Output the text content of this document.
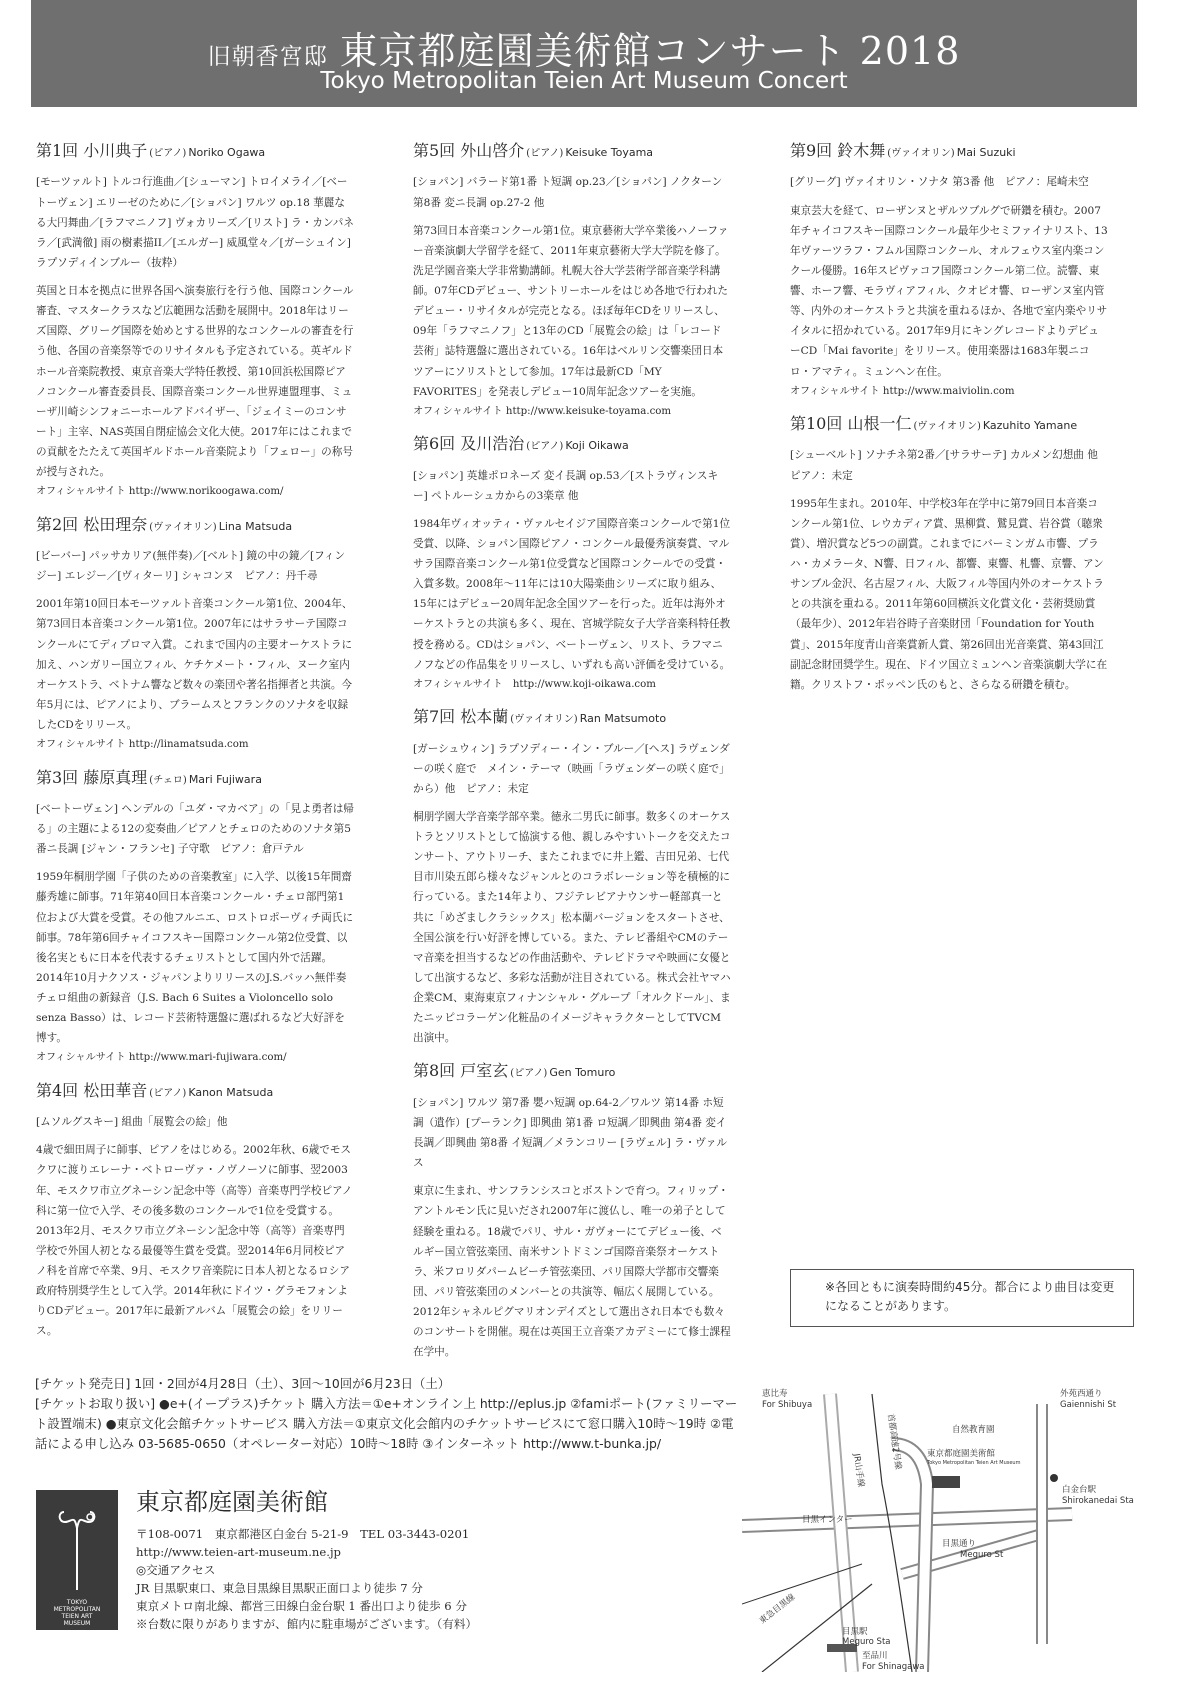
旧朝香宮邸 東京都庭園美術館コンサート 2018
Tokyo Metropolitan Teien Art Museum Concert
第1回 小川典子 (ピアノ) Noriko Ogawa
[モーツァルト] トルコ行進曲／[シューマン] トロイメライ／[ベートーヴェン] エリーゼのために／[ショパン] ワルツ op.18 華麗なる大円舞曲／[ラフマニノフ] ヴォカリーズ／[リスト] ラ・カンパネラ／[武満徹] 雨の樹素描II／[エルガー] 威風堂々／[ガーシュイン] ラプソディインブルー（抜粋）
英国と日本を拠点に世界各国へ演奏旅行を行う他、国際コンクール審査、マスタークラスなど広範囲な活動を展開中。2018年はリーズ国際、グリーグ国際を始めとする世界的なコンクールの審査を行う他、各国の音楽祭等でのリサイタルも予定されている。英ギルドホール音楽院教授、東京音楽大学特任教授、第10回浜松国際ピアノコンクール審査委員長、国際音楽コンクール世界連盟理事、ミューザ川崎シンフォニーホールアドバイザー、「ジェイミーのコンサート」主宰、NAS英国自閉症協会文化大使。2017年にはこれまでの貢献をたたえて英国ギルドホール音楽院より「フェロー」の称号が授与された。
オフィシャルサイト http://www.norikoogawa.com/
第2回 松田理奈 (ヴァイオリン) Lina Matsuda
[ビーバー] パッサカリア(無伴奏)／[ベルト] 鏡の中の鏡／[フィンジー] エレジー／[ヴィターリ] シャコンヌ　ピアノ：丹千尋
2001年第10回日本モーツァルト音楽コンクール第1位、2004年、第73回日本音楽コンクール第1位。2007年にはサラサーテ国際コンクールにてディプロマ入賞。これまで国内の主要オーケストラに加え、ハンガリー国立フィル、ケチケメート・フィル、ヌーク室内オーケストラ、ベトナム響など数々の楽団や著名指揮者と共演。今年5月には、ピアノにより、ブラームスとフランクのソナタを収録したCDをリリース。
オフィシャルサイト http://linamatsuda.com
第3回 藤原真理 (チェロ) Mari Fujiwara
[ベートーヴェン] ヘンデルの「ユダ・マカベア」の「見よ勇者は帰る」の主題による12の変奏曲／ピアノとチェロのためのソナタ第5番ニ長調 [ジャン・フランセ] 子守歌　ピアノ：倉戸テル
1959年桐朋学園「子供のための音楽教室」に入学、以後15年間齋藤秀雄に師事。71年第40回日本音楽コンクール・チェロ部門第1位および大賞を受賞。その他フルニエ、ロストロポーヴィチ両氏に師事。78年第6回チャイコフスキー国際コンクール第2位受賞、以後名実ともに日本を代表するチェリストとして国内外で活躍。2014年10月ナクソス・ジャパンよりリリースのJ.S.バッハ無伴奏チェロ組曲の新録音（J.S. Bach 6 Suites a Violoncello solo senza Basso）は、レコード芸術特選盤に選ばれるなど大好評を博す。
オフィシャルサイト http://www.mari-fujiwara.com/
第4回 松田華音 (ピアノ) Kanon Matsuda
[ムソルグスキー] 組曲「展覧会の絵」他
4歳で細田周子に師事、ピアノをはじめる。2002年秋、6歳でモスクワに渡りエレーナ・ベトローヴァ・ノヴノーソに師事、翌2003年、モスクワ市立グネーシン記念中等（高等）音楽専門学校ピアノ科に第一位で入学、その後多数のコンクールで1位を受賞する。2013年2月、モスクワ市立グネーシン記念中等（高等）音楽専門学校で外国人初となる最優等生賞を受賞。翌2014年6月同校ピアノ科を首席で卒業、9月、モスクワ音楽院に日本人初となるロシア政府特別奨学生として入学。2014年秋にドイツ・グラモフォンよりCDデビュー。2017年に最新アルバム「展覧会の絵」をリリース。
第5回 外山啓介 (ピアノ) Keisuke Toyama
[ショパン] バラード第1番 ト短調 op.23／[ショパン] ノクターン第8番 変ニ長調 op.27-2 他
第73回日本音楽コンクール第1位。東京藝術大学卒業後ハノーファー音楽演劇大学留学を経て、2011年東京藝術大学大学院を修了。洗足学園音楽大学非常勤講師。札幌大谷大学芸術学部音楽学科講師。07年CDデビュー、サントリーホールをはじめ各地で行われたデビュー・リサイタルが完売となる。ほぼ毎年CDをリリースし、09年「ラフマニノフ」と13年のCD「展覧会の絵」は「レコード芸術」誌特選盤に選出されている。16年はベルリン交響楽団日本ツアーにソリストとして参加。17年は最新CD「MY FAVORITES」を発表しデビュー10周年記念ツアーを実施。
オフィシャルサイト http://www.keisuke-toyama.com
第6回 及川浩治 (ピアノ) Koji Oikawa
[ショパン] 英雄ポロネーズ 変イ長調 op.53／[ストラヴィンスキー] ペトルーシュカからの3楽章 他
1984年ヴィオッティ・ヴァルセイジア国際音楽コンクールで第1位受賞、以降、ショパン国際ピアノ・コンクール最優秀演奏賞、マルサラ国際音楽コンクール第1位受賞など国際コンクールでの受賞・入賞多数。2008年～11年には10大陽楽曲シリーズに取り組み、15年にはデビュー20周年記念全国ツアーを行った。近年は海外オーケストラとの共演も多く、現在、宮城学院女子大学音楽科特任教授を務める。CDはショパン、ベートーヴェン、リスト、ラフマニノフなどの作品集をリリースし、いずれも高い評価を受けている。
オフィシャルサイト　http://www.koji-oikawa.com
第7回 松本蘭 (ヴァイオリン) Ran Matsumoto
[ガーシュウィン] ラプソディー・イン・ブルー／[ヘス] ラヴェンダーの咲く庭で　メイン・テーマ（映画「ラヴェンダーの咲く庭で」から）他　ピアノ：未定
桐朋学園大学音楽学部卒業。徳永二男氏に師事。数多くのオーケストラとソリストとして協演する他、親しみやすいトークを交えたコンサート、アウトリーチ、またこれまでに井上鑑、吉田兄弟、七代目市川染五郎ら様々なジャンルとのコラボレーション等を積極的に行っている。また14年より、フジテレビアナウンサー軽部真一と共に「めざましクラシックス」松本蘭バージョンをスタートさせ、全国公演を行い好評を博している。また、テレビ番組やCMのテーマ音楽を担当するなどの作曲活動や、テレビドラマや映画に女優として出演するなど、多彩な活動が注目されている。株式会社ヤマハ企業CM、東海東京フィナンシャル・グループ「オルクドール」、またニッピコラーゲン化粧品のイメージキャラクターとしてTVCM出演中。
第8回 戸室玄 (ピアノ) Gen Tomuro
[ショパン] ワルツ 第7番 嬰ハ短調 op.64-2／ワルツ 第14番 ホ短調（遺作）[プーランク] 即興曲 第1番 ロ短調／即興曲 第4番 変イ長調／即興曲 第8番 イ短調／メランコリー [ラヴェル] ラ・ヴァルス
東京に生まれ、サンフランシスコとボストンで育つ。フィリップ・アントルモン氏に見いだされ2007年に渡仏し、唯一の弟子として経験を重ねる。18歳でパリ、サル・ガヴォーにてデビュー後、ベルギー国立管弦楽団、南米サントドミンゴ国際音楽祭オーケストラ、米フロリダパームビーチ管弦楽団、パリ国際大学都市交響楽団、パリ管弦楽団のメンバーとの共演等、幅広く展開している。2012年シャネルピグマリオンデイズとして選出され日本でも数々のコンサートを開催。現在は英国王立音楽アカデミーにて修士課程在学中。
第9回 鈴木舞 (ヴァイオリン) Mai Suzuki
[グリーグ] ヴァイオリン・ソナタ 第3番 他　ピアノ：尾崎未空
東京芸大を経て、ローザンヌとザルツブルグで研鑽を積む。2007年チャイコフスキー国際コンクール最年少セミファイナリスト、13年ヴァーツラフ・フムル国際コンクール、オルフェウス室内楽コンクール優勝。16年スピヴァコフ国際コンクール第二位。読響、東響、ホーフ響、モラヴィアフィル、クオピオ響、ローザンヌ室内管等、内外のオーケストラと共演を重ねるほか、各地で室内楽やリサイタルに招かれている。2017年9月にキングレコードよりデビューCD「Mai favorite」をリリース。使用楽器は1683年製ニコロ・アマティ。ミュンヘン在住。
オフィシャルサイト http://www.maiviolin.com
第10回 山根一仁 (ヴァイオリン) Kazuhito Yamane
[シューベルト] ソナチネ第2番／[サラサーテ] カルメン幻想曲 他　ピアノ：未定
1995年生まれ。2010年、中学校3年在学中に第79回日本音楽コンクール第1位、レウカディア賞、黒柳賞、鷲見賞、岩谷賞（聴衆賞）、増沢賞など5つの副賞。これまでにバーミンガム市響、プラハ・カメラータ、N響、日フィル、都響、東響、札響、京響、アンサンブル金沢、名古屋フィル、大阪フィル等国内外のオーケストラとの共演を重ねる。2011年第60回横浜文化賞文化・芸術奨励賞（最年少）、2012年岩谷時子音楽財団「Foundation for Youth 賞」、2015年度青山音楽賞新人賞、第26回出光音楽賞、第43回江副記念財団奨学生。現在、ドイツ国立ミュンヘン音楽演劇大学に在籍。クリストフ・ポッペン氏のもと、さらなる研鑽を積む。
※各回ともに演奏時間約45分。都合により曲目は変更になることがあります。
[チケット発売日] 1回・2回が4月28日（土）、3回～10回が6月23日（土）
[チケットお取り扱い] ●e+(イープラス)チケット 購入方法＝①e+オンライン上 http://eplus.jp ②famiポート(ファミリーマート設置端末) ●東京文化会館チケットサービス 購入方法＝①東京文化会館内のチケットサービスにて窓口購入10時～19時 ②電話による申し込み 03-5685-0650（オペレーター対応）10時～18時 ③インターネット http://www.t-bunka.jp/
TOKYO
METROPOLITAN
TEIEN ART
MUSEUM
東京都庭園美術館
〒108-0071　東京都港区白金台 5-21-9　TEL 03-3443-0201
http://www.teien-art-museum.ne.jp
◎交通アクセス
JR 目黒駅東口、東急目黒線目黒駅正面口より徒歩 7 分
東京メトロ南北線、都営三田線白金台駅 1 番出口より徒歩 6 分
※台数に限りがありますが、館内に駐車場がございます。（有料）
恵比寿
For Shibuya
外苑西通り
Gaiennishi St
自然教育園
東京都庭園美術館
Tokyo Metropolitan Teien Art Museum
目黒インター
白金台駅
Shirokanedai Sta
目黒通り
Meguro St
目黒駅
Meguro Sta
至品川
For Shinagawa
首都高速2号線
JR山手線
東急目黒線
